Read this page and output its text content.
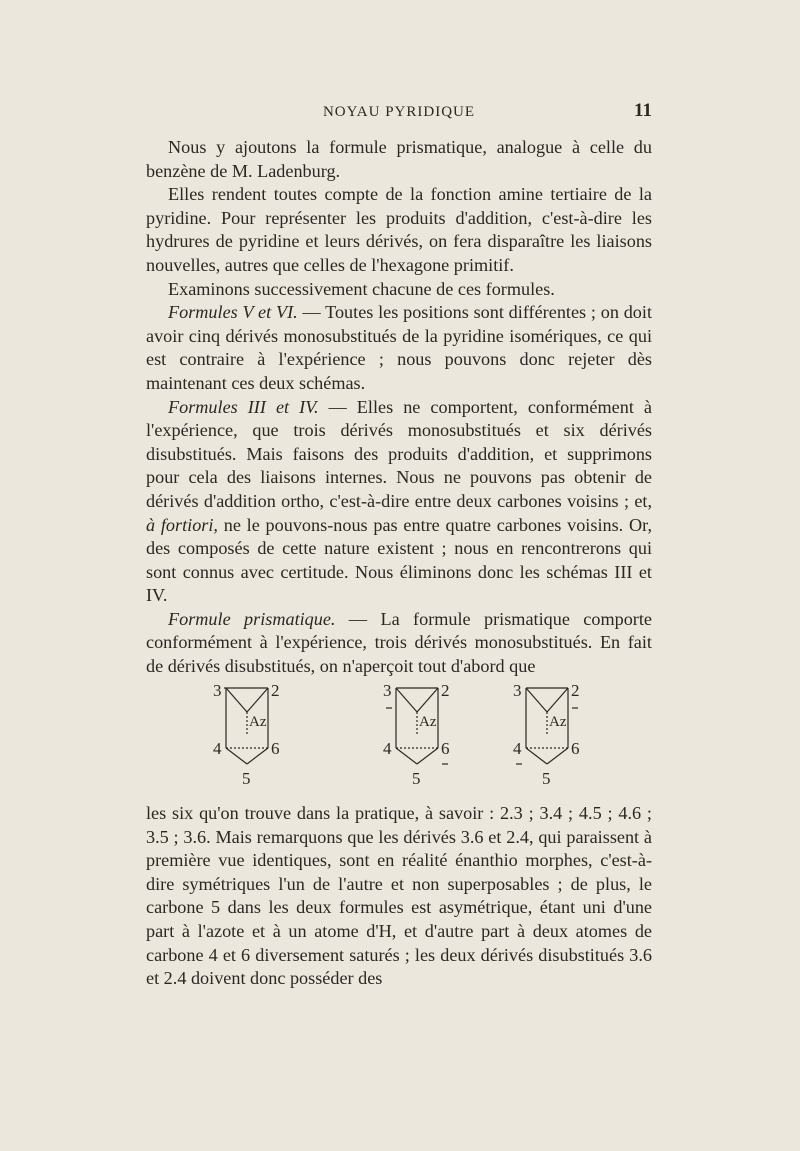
NOYAU PYRIDIQUE	11

Nous y ajoutons la formule prismatique, analogue à celle du benzène de M. Ladenburg.

Elles rendent toutes compte de la fonction amine tertiaire de la pyridine. Pour représenter les produits d'addition, c'est-à-dire les hydrures de pyridine et leurs dérivés, on fera disparaître les liaisons nouvelles, autres que celles de l'hexagone primitif.

Examinons successivement chacune de ces formules.

Formules V et VI. — Toutes les positions sont différentes ; on doit avoir cinq dérivés monosubstitués de la pyridine isomériques, ce qui est contraire à l'expérience ; nous pouvons donc rejeter dès maintenant ces deux schémas.

Formules III et IV. — Elles ne comportent, conformément à l'expérience, que trois dérivés monosubstitués et six dérivés disubstitués. Mais faisons des produits d'addition, et supprimons pour cela des liaisons internes. Nous ne pouvons pas obtenir de dérivés d'addition ortho, c'est-à-dire entre deux carbones voisins ; et, à fortiori, ne le pouvons-nous pas entre quatre carbones voisins. Or, des composés de cette nature existent ; nous en rencontrerons qui sont connus avec certitude. Nous éliminons donc les schémas III et IV.

Formule prismatique. — La formule prismatique comporte conformément à l'expérience, trois dérivés monosubstitués. En fait de dérivés disubstitués, on n'aperçoit tout d'abord que

3	2
Az
4	6
5
3	2
Az
4	6
5
3	2
Az
4	6
5

les six qu'on trouve dans la pratique, à savoir : 2.3 ; 3.4 ; 4.5 ; 4.6 ; 3.5 ; 3.6. Mais remarquons que les dérivés 3.6 et 2.4, qui paraissent à première vue identiques, sont en réalité énanthio morphes, c'est-à-dire symétriques l'un de l'autre et non superposables ; de plus, le carbone 5 dans les deux formules est asymétrique, étant uni d'une part à l'azote et à un atome d'H, et d'autre part à deux atomes de carbone 4 et 6 diversement saturés ; les deux dérivés disubstitués 3.6 et 2.4 doivent donc posséder des
